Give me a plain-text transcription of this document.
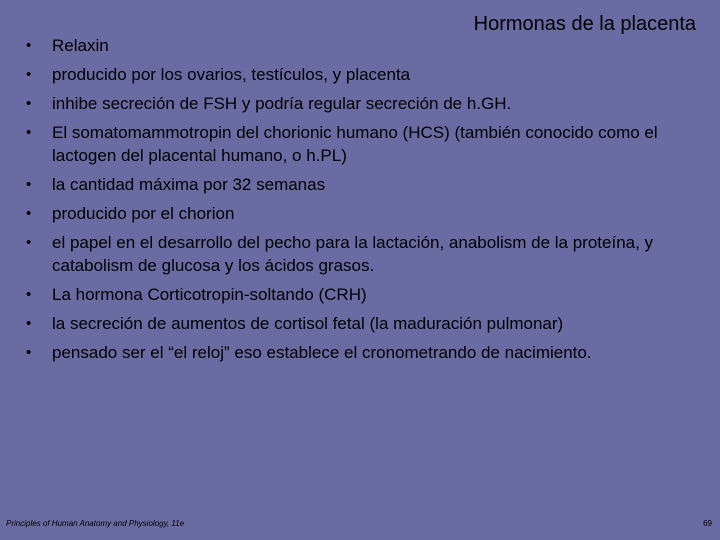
Hormonas de la placenta
•	Relaxin
•	producido por los ovarios, testículos, y placenta
•	inhibe secreción de FSH y podría regular secreción de h.GH.
•	El somatomammotropin del chorionic humano (HCS) (también conocido como el lactogen del placental humano, o h.PL)
•	la cantidad máxima por 32 semanas
•	producido por el chorion
•	el papel en el desarrollo del pecho para la lactación, anabolism de la proteína, y catabolism de glucosa y los ácidos grasos.
•	La hormona Corticotropin-soltando (CRH)
•	la secreción de aumentos de cortisol fetal (la maduración pulmonar)
•	pensado ser el “el reloj” eso establece el cronometrando de nacimiento.
Principles of Human Anatomy and Physiology, 11e	69
